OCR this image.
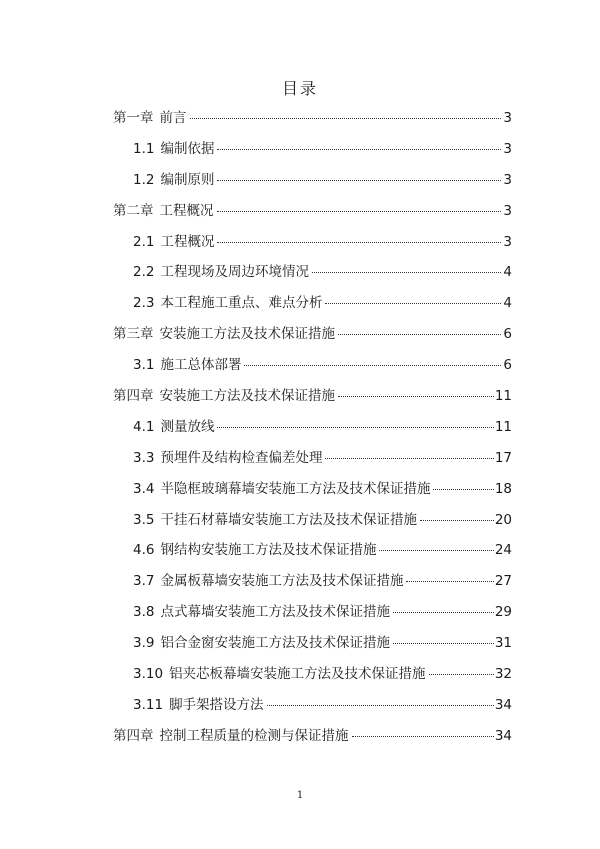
目录
第一章 前言	3
1.1 编制依据	3
1.2 编制原则	3
第二章 工程概况	3
2.1 工程概况	3
2.2 工程现场及周边环境情况	4
2.3 本工程施工重点、难点分析	4
第三章 安装施工方法及技术保证措施	6
3.1 施工总体部署	6
第四章 安装施工方法及技术保证措施	11
4.1 测量放线	11
3.3 预埋件及结构检查偏差处理	17
3.4 半隐框玻璃幕墙安装施工方法及技术保证措施	18
3.5 干挂石材幕墙安装施工方法及技术保证措施	20
4.6 钢结构安装施工方法及技术保证措施	24
3.7 金属板幕墙安装施工方法及技术保证措施	27
3.8 点式幕墙安装施工方法及技术保证措施	29
3.9 铝合金窗安装施工方法及技术保证措施	31
3.10 铝夹芯板幕墙安装施工方法及技术保证措施	32
3.11 脚手架搭设方法	34
第四章 控制工程质量的检测与保证措施	34
1
